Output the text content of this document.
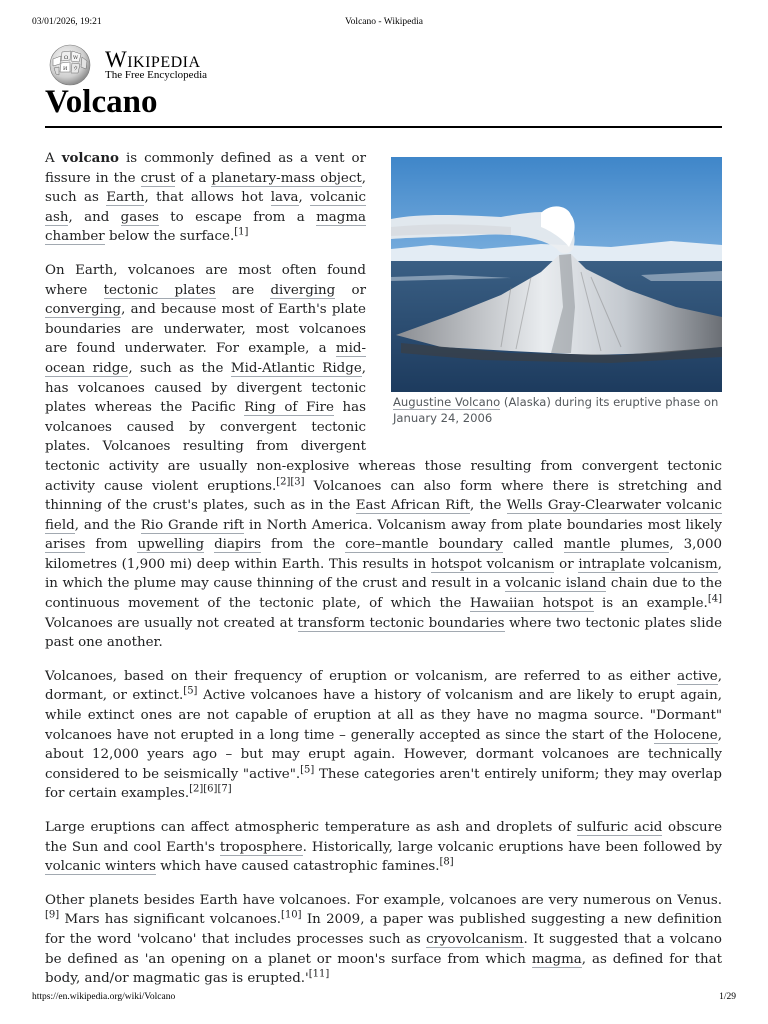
03/01/2026, 19:21	Volcano - Wikipedia
Ω W
И ウ Wikipedia
The Free Encyclopedia
Volcano
Augustine Volcano (Alaska) during its eruptive phase on January 24, 2006

A volcano is commonly defined as a vent or fissure in the crust of a planetary-mass object, such as Earth, that allows hot lava, volcanic ash, and gases to escape from a magma chamber below the surface.[1]

On Earth, volcanoes are most often found where tectonic plates are diverging or converging, and because most of Earth's plate boundaries are underwater, most volcanoes are found underwater. For example, a mid-ocean ridge, such as the Mid-Atlantic Ridge, has volcanoes caused by divergent tectonic plates whereas the Pacific Ring of Fire has volcanoes caused by convergent tectonic plates. Volcanoes resulting from divergent tectonic activity are usually non-explosive whereas those resulting from convergent tectonic activity cause violent eruptions.[2][3] Volcanoes can also form where there is stretching and thinning of the crust's plates, such as in the East African Rift, the Wells Gray-Clearwater volcanic field, and the Rio Grande rift in North America. Volcanism away from plate boundaries most likely arises from upwelling diapirs from the core–mantle boundary called mantle plumes, 3,000 kilometres (1,900 mi) deep within Earth. This results in hotspot volcanism or intraplate volcanism, in which the plume may cause thinning of the crust and result in a volcanic island chain due to the continuous movement of the tectonic plate, of which the Hawaiian hotspot is an example.[4] Volcanoes are usually not created at transform tectonic boundaries where two tectonic plates slide past one another.

Volcanoes, based on their frequency of eruption or volcanism, are referred to as either active, dormant, or extinct.[5] Active volcanoes have a history of volcanism and are likely to erupt again, while extinct ones are not capable of eruption at all as they have no magma source. "Dormant" volcanoes have not erupted in a long time – generally accepted as since the start of the Holocene, about 12,000 years ago – but may erupt again. However, dormant volcanoes are technically considered to be seismically "active".[5] These categories aren't entirely uniform; they may overlap for certain examples.[2][6][7]

Large eruptions can affect atmospheric temperature as ash and droplets of sulfuric acid obscure the Sun and cool Earth's troposphere. Historically, large volcanic eruptions have been followed by volcanic winters which have caused catastrophic famines.[8]

Other planets besides Earth have volcanoes. For example, volcanoes are very numerous on Venus.[9] Mars has significant volcanoes.[10] In 2009, a paper was published suggesting a new definition for the word 'volcano' that includes processes such as cryovolcanism. It suggested that a volcano be defined as 'an opening on a planet or moon's surface from which magma, as defined for that body, and/or magmatic gas is erupted.'[11]

https://en.wikipedia.org/wiki/Volcano	1/29
